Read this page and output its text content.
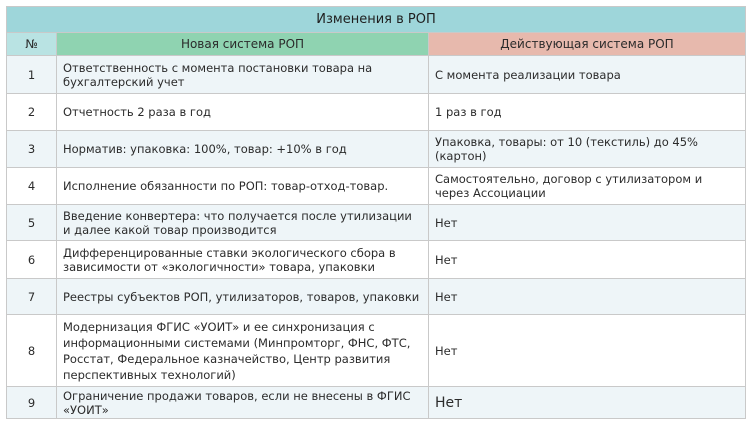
Изменения в РОП		
№	Новая система РОП	Действующая система РОП
1	Ответственность с момента постановки товара на бухгалтерский учет	С момента реализации товара
2	Отчетность 2 раза в год	1 раз в год
3	Норматив: упаковка: 100%, товар: +10% в год	Упаковка, товары: от 10 (текстиль) до 45% (картон)
4	Исполнение обязанности по РОП: товар-отход-товар.	Самостоятельно, договор с утилизатором и через Ассоциации
5	Введение конвертера: что получается после утилизации и далее какой товар производится	Нет
6	Дифференцированные ставки экологического сбора в зависимости от «экологичности» товара, упаковки	Нет
7	Реестры субъектов РОП, утилизаторов, товаров, упаковки	Нет
8	Модернизация ФГИС «УОИТ» и ее синхронизация с информационными системами (Минпромторг, ФНС, ФТС, Росстат, Федеральное казначейство, Центр развития перспективных технологий)	Нет
9	Ограничение продажи товаров, если не внесены в ФГИС «УОИТ»	Нет
